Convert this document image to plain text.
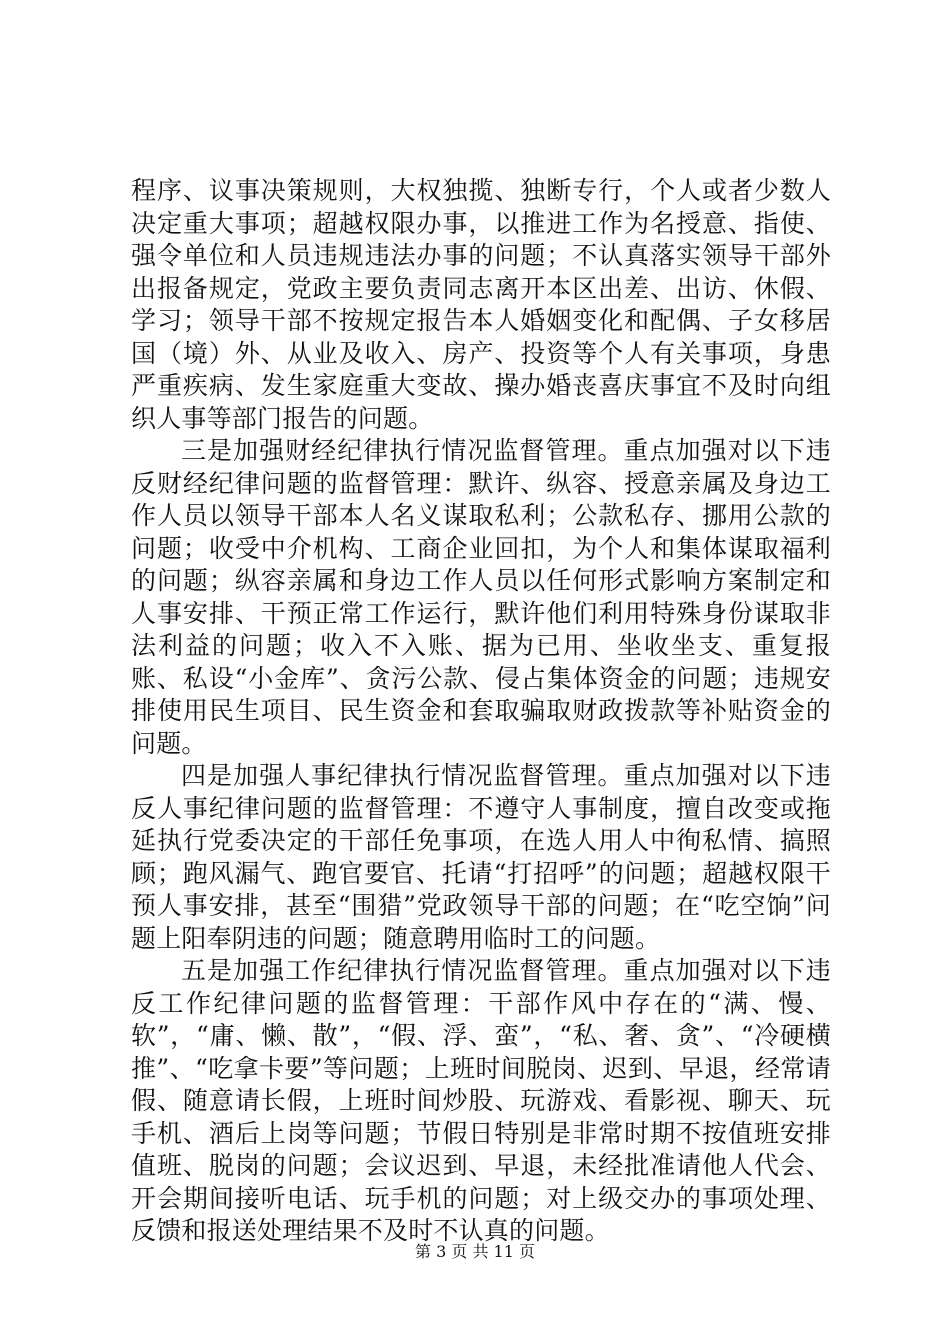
程序、议事决策规则，大权独揽、独断专行，个人或者少数人决定重大事项；超越权限办事，以推进工作为名授意、指使、强令单位和人员违规违法办事的问题；不认真落实领导干部外出报备规定，党政主要负责同志离开本区出差、出访、休假、学习；领导干部不按规定报告本人婚姻变化和配偶、子女移居国（境）外、从业及收入、房产、投资等个人有关事项，身患严重疾病、发生家庭重大变故、操办婚丧喜庆事宜不及时向组织人事等部门报告的问题。

三是加强财经纪律执行情况监督管理。重点加强对以下违反财经纪律问题的监督管理：默许、纵容、授意亲属及身边工作人员以领导干部本人名义谋取私利；公款私存、挪用公款的问题；收受中介机构、工商企业回扣，为个人和集体谋取福利的问题；纵容亲属和身边工作人员以任何形式影响方案制定和人事安排、干预正常工作运行，默许他们利用特殊身份谋取非法利益的问题；收入不入账、据为已用、坐收坐支、重复报账、私设“小金库”、贪污公款、侵占集体资金的问题；违规安排使用民生项目、民生资金和套取骗取财政拨款等补贴资金的问题。

四是加强人事纪律执行情况监督管理。重点加强对以下违反人事纪律问题的监督管理：不遵守人事制度，擅自改变或拖延执行党委决定的干部任免事项，在选人用人中徇私情、搞照顾；跑风漏气、跑官要官、托请“打招呼”的问题；超越权限干预人事安排，甚至“围猎”党政领导干部的问题；在“吃空饷”问题上阳奉阴违的问题；随意聘用临时工的问题。

五是加强工作纪律执行情况监督管理。重点加强对以下违反工作纪律问题的监督管理：干部作风中存在的“满、慢、软”，“庸、懒、散”，“假、浮、蛮”，“私、奢、贪”、“冷硬横推”、“吃拿卡要”等问题；上班时间脱岗、迟到、早退，经常请假、随意请长假，上班时间炒股、玩游戏、看影视、聊天、玩手机、酒后上岗等问题；节假日特别是非常时期不按值班安排值班、脱岗的问题；会议迟到、早退，未经批准请他人代会、开会期间接听电话、玩手机的问题；对上级交办的事项处理、反馈和报送处理结果不及时不认真的问题。

第 3 页 共 11 页
